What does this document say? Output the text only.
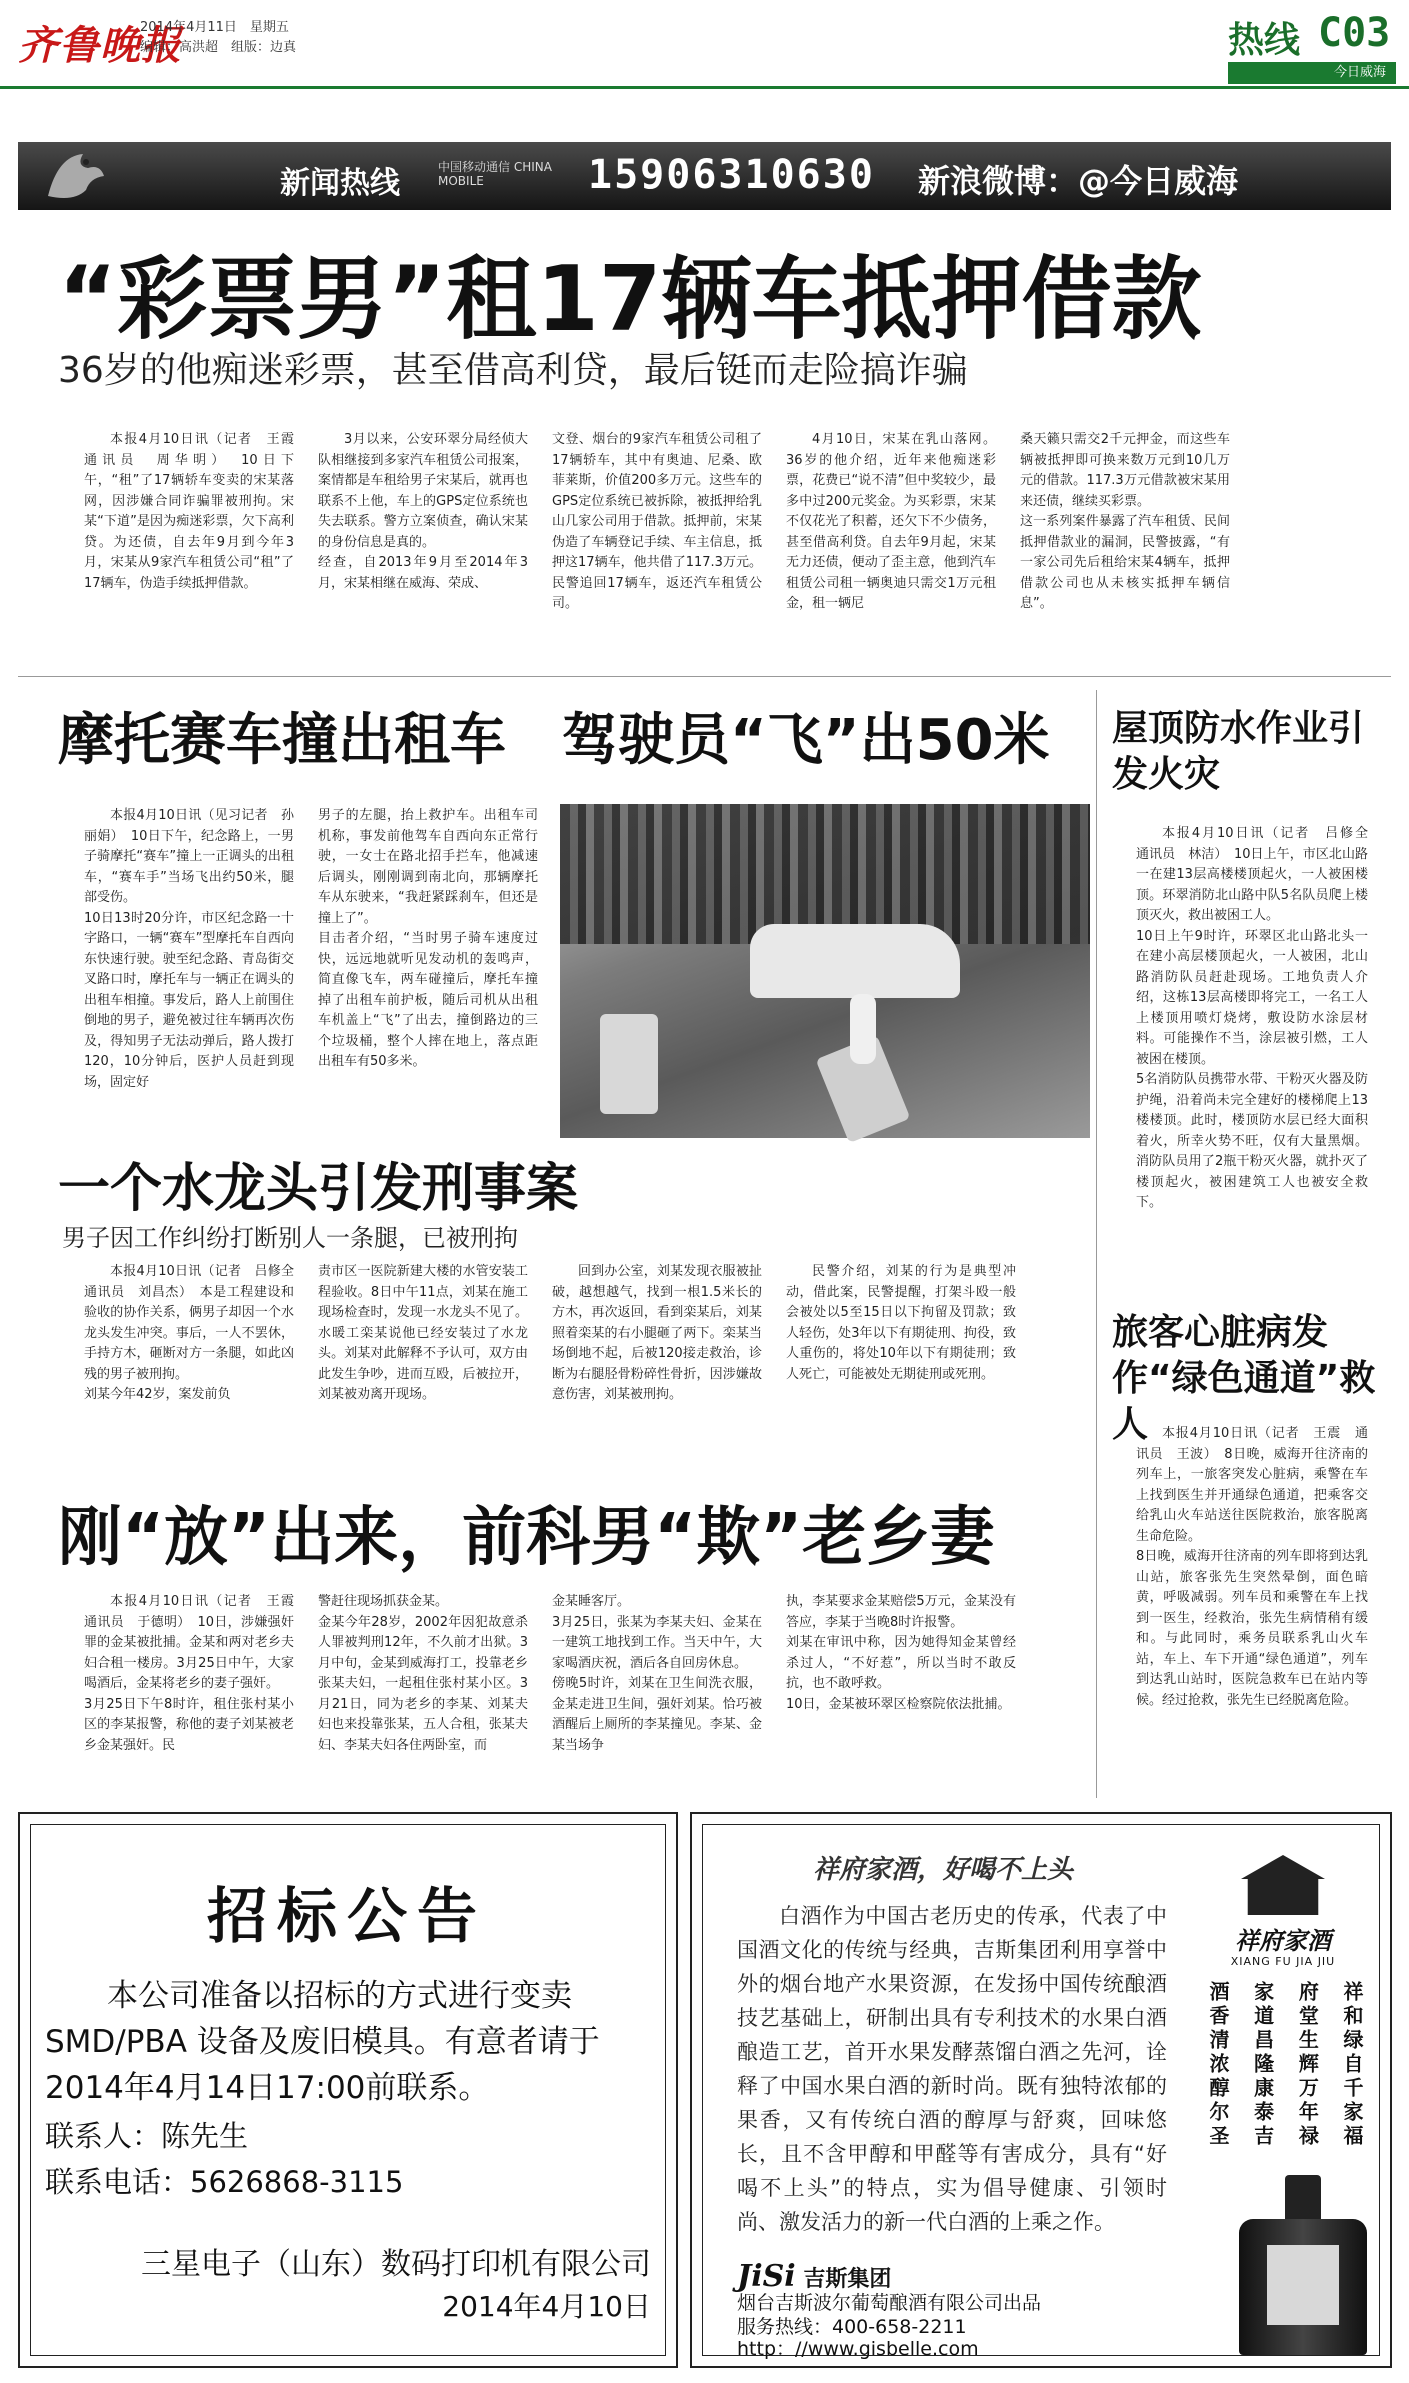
齐鲁晚报
2014年4月11日　星期五
编辑：高洪超　组版：边真	热线 C03
今日威海
新闻热线	中国移动通信 CHINA MOBILE	15906310630 新浪微博：@今日威海
“彩票男”租17辆车抵押借款
36岁的他痴迷彩票，甚至借高利贷，最后铤而走险搞诈骗
本报4月10日讯（记者　王霞　通讯员　周华明）　10日下午，“租”了17辆轿车变卖的宋某落网，因涉嫌合同诈骗罪被刑拘。宋某“下道”是因为痴迷彩票，欠下高利贷。为还债，自去年9月到今年3月，宋某从9家汽车租赁公司“租”了17辆车，伪造手续抵押借款。
3月以来，公安环翠分局经侦大队相继接到多家汽车租赁公司报案，案情都是车租给男子宋某后，就再也联系不上他，车上的GPS定位系统也失去联系。警方立案侦查，确认宋某的身份信息是真的。
经查，自2013年9月至2014年3月，宋某相继在威海、荣成、
文登、烟台的9家汽车租赁公司租了17辆轿车，其中有奥迪、尼桑、欧菲莱斯，价值200多万元。这些车的GPS定位系统已被拆除，被抵押给乳山几家公司用于借款。抵押前，宋某伪造了车辆登记手续、车主信息，抵押这17辆车，他共借了117.3万元。民警追回17辆车，返还汽车租赁公司。
4月10日，宋某在乳山落网。36岁的他介绍，近年来他痴迷彩票，花费已“说不清”但中奖较少，最多中过200元奖金。为买彩票，宋某不仅花光了积蓄，还欠下不少债务，甚至借高利贷。自去年9月起，宋某无力还债，便动了歪主意，他到汽车租赁公司租一辆奥迪只需交1万元租金，租一辆尼
桑天籁只需交2千元押金，而这些车辆被抵押即可换来数万元到10几万元的借款。117.3万元借款被宋某用来还债，继续买彩票。
这一系列案件暴露了汽车租赁、民间抵押借款业的漏洞，民警披露，“有一家公司先后租给宋某4辆车，抵押借款公司也从未核实抵押车辆信息”。
摩托赛车撞出租车　驾驶员“飞”出50米
本报4月10日讯（见习记者　孙丽娟）　10日下午，纪念路上，一男子骑摩托“赛车”撞上一正调头的出租车，“赛车手”当场飞出约50米，腿部受伤。
10日13时20分许，市区纪念路一十字路口，一辆“赛车”型摩托车自西向东快速行驶。驶至纪念路、青岛街交叉路口时，摩托车与一辆正在调头的出租车相撞。事发后，路人上前围住倒地的男子，避免被过往车辆再次伤及，得知男子无法动弹后，路人拨打120，10分钟后，医护人员赶到现场，固定好
男子的左腿，抬上救护车。出租车司机称，事发前他驾车自西向东正常行驶，一女士在路北招手拦车，他减速后调头，刚刚调到南北向，那辆摩托车从东驶来，“我赶紧踩刹车，但还是撞上了”。
目击者介绍，“当时男子骑车速度过快，远远地就听见发动机的轰鸣声，简直像飞车，两车碰撞后，摩托车撞掉了出租车前护板，随后司机从出租车机盖上“飞”了出去，撞倒路边的三个垃圾桶，整个人摔在地上，落点距出租车有50多米。
一个水龙头引发刑事案
男子因工作纠纷打断别人一条腿，已被刑拘
本报4月10日讯（记者　吕修全　通讯员　刘昌杰）　本是工程建设和验收的协作关系，俩男子却因一个水龙头发生冲突。事后，一人不罢休，手持方木，砸断对方一条腿，如此凶残的男子被刑拘。
刘某今年42岁，案发前负
责市区一医院新建大楼的水管安装工程验收。8日中午11点，刘某在施工现场检查时，发现一水龙头不见了。水暖工栾某说他已经安装过了水龙头。刘某对此解释不予认可，双方由此发生争吵，进而互殴，后被拉开，刘某被劝离开现场。
回到办公室，刘某发现衣服被扯破，越想越气，找到一根1.5米长的方木，再次返回，看到栾某后，刘某照着栾某的右小腿砸了两下。栾某当场倒地不起，后被120接走救治，诊断为右腿胫骨粉碎性骨折，因涉嫌故意伤害，刘某被刑拘。
民警介绍，刘某的行为是典型冲动，借此案，民警提醒，打架斗殴一般会被处以5至15日以下拘留及罚款；致人轻伤，处3年以下有期徒刑、拘役，致人重伤的，将处10年以下有期徒刑；致人死亡，可能被处无期徒刑或死刑。
刚“放”出来，前科男“欺”老乡妻
本报4月10日讯（记者　王霞　通讯员　于德明）　10日，涉嫌强奸罪的金某被批捕。金某和两对老乡夫妇合租一楼房。3月25日中午，大家喝酒后，金某将老乡的妻子强奸。
3月25日下午8时许，租住张村某小区的李某报警，称他的妻子刘某被老乡金某强奸。民
警赶往现场抓获金某。
金某今年28岁，2002年因犯故意杀人罪被判刑12年，不久前才出狱。3月中旬，金某到威海打工，投靠老乡张某夫妇，一起租住张村某小区。3月21日，同为老乡的李某、刘某夫妇也来投靠张某，五人合租，张某夫妇、李某夫妇各住两卧室，而
金某睡客厅。
3月25日，张某为李某夫妇、金某在一建筑工地找到工作。当天中午，大家喝酒庆祝，酒后各自回房休息。
傍晚5时许，刘某在卫生间洗衣服，金某走进卫生间，强奸刘某。恰巧被酒醒后上厕所的李某撞见。李某、金某当场争
执，李某要求金某赔偿5万元，金某没有答应，李某于当晚8时许报警。
刘某在审讯中称，因为她得知金某曾经杀过人，“不好惹”，所以当时不敢反抗，也不敢呼救。
10日，金某被环翠区检察院依法批捕。
屋顶防水作业引发火灾
本报4月10日讯（记者　吕修全　通讯员　林洁）　10日上午，市区北山路一在建13层高楼楼顶起火，一人被困楼顶。环翠消防北山路中队5名队员爬上楼顶灭火，救出被困工人。
10日上午9时许，环翠区北山路北头一在建小高层楼顶起火，一人被困，北山路消防队员赶赴现场。工地负责人介绍，这栋13层高楼即将完工，一名工人上楼顶用喷灯烧烤，敷设防水涂层材料。可能操作不当，涂层被引燃，工人被困在楼顶。
5名消防队员携带水带、干粉灭火器及防护绳，沿着尚未完全建好的楼梯爬上13楼楼顶。此时，楼顶防水层已经大面积着火，所幸火势不旺，仅有大量黑烟。消防队员用了2瓶干粉灭火器，就扑灭了楼顶起火，被困建筑工人也被安全救下。
旅客心脏病发作“绿色通道”救人	本报4月10日讯（记者　王震　通讯员　王波）　8日晚，威海开往济南的列车上，一旅客突发心脏病，乘警在车上找到医生并开通绿色通道，把乘客交给乳山火车站送往医院救治，旅客脱离生命危险。
8日晚，威海开往济南的列车即将到达乳山站，旅客张先生突然晕倒，面色暗黄，呼吸减弱。列车员和乘警在车上找到一医生，经救治，张先生病情稍有缓和。与此同时，乘务员联系乳山火车站，车上、车下开通“绿色通道”，列车到达乳山站时，医院急救车已在站内等候。经过抢救，张先生已经脱离危险。
招标公告
本公司准备以招标的方式进行变卖 SMD/PBA 设备及废旧模具。有意者请于2014年4月14日17:00前联系。
联系人：陈先生
联系电话：5626868-3115
三星电子（山东）数码打印机有限公司
2014年4月10日
祥府家酒，好喝不上头
白酒作为中国古老历史的传承，代表了中国酒文化的传统与经典，吉斯集团利用享誉中外的烟台地产水果资源，在发扬中国传统酿酒技艺基础上，研制出具有专利技术的水果白酒酿造工艺，首开水果发酵蒸馏白酒之先河，诠释了中国水果白酒的新时尚。既有独特浓郁的果香，又有传统白酒的醇厚与舒爽，回味悠长，且不含甲醇和甲醛等有害成分，具有“好喝不上头”的特点，实为倡导健康、引领时尚、激发活力的新一代白酒的上乘之作。
JiSi 吉斯集团
烟台吉斯波尔葡萄酿酒有限公司出品
服务热线：400-658-2211
http：//www.gisbelle.com
祥府家酒
XIANG FU JIA JIU
祥和绿自千家福
府堂生辉万年禄
家道昌隆康泰吉
酒香清浓醇尔圣
